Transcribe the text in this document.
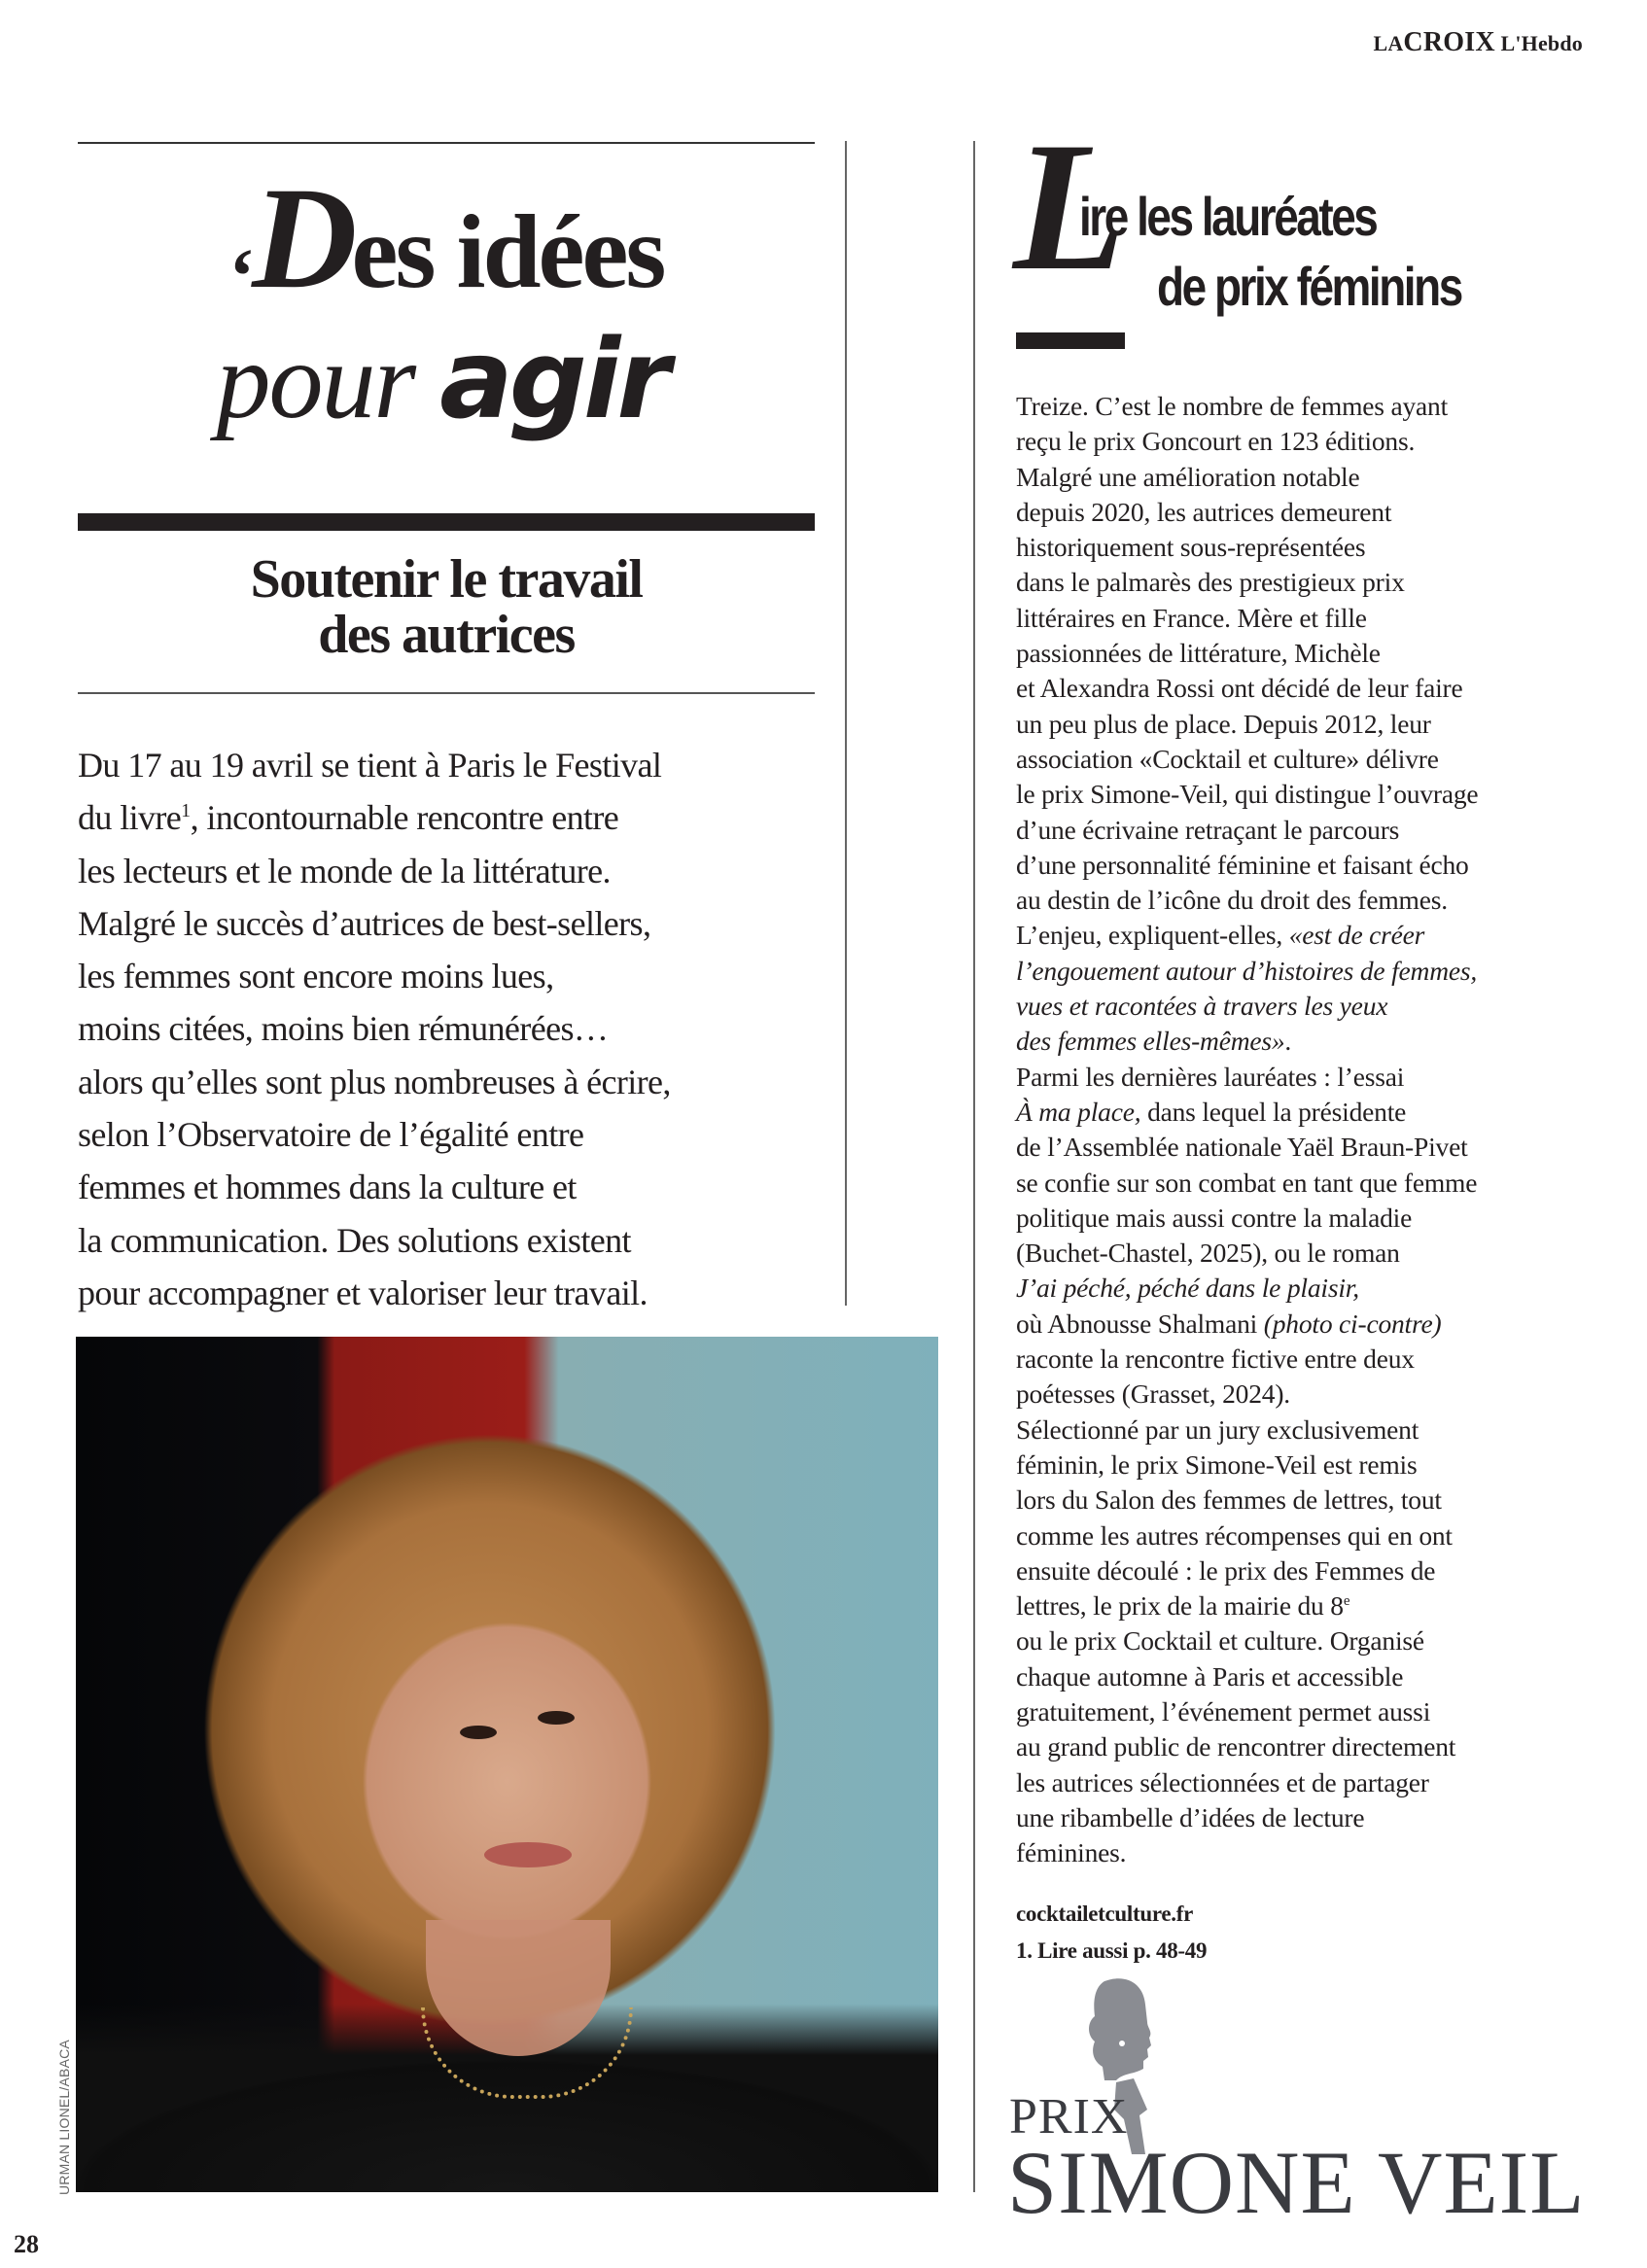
LACROIX L'Hebdo
‘Des idées
pour agir
Soutenir le travail
des autrices
Du 17 au 19 avril se tient à Paris le Festival
du livre$^1$, incontournable rencontre entre
les lecteurs et le monde de la littérature.
Malgré le succès d’autrices de best-sellers,
les femmes sont encore moins lues,
moins citées, moins bien rémunérées…
alors qu’elles sont plus nombreuses à écrire,
selon l’Observatoire de l’égalité entre
femmes et hommes dans la culture et
la communication. Des solutions existent
pour accompagner et valoriser leur travail.
URMAN LIONEL/ABACA
28
L
ire les lauréates
de prix féminins
Treize. C’est le nombre de femmes ayant
reçu le prix Goncourt en 123 éditions.
Malgré une amélioration notable
depuis 2020, les autrices demeurent
historiquement sous-représentées
dans le palmarès des prestigieux prix
littéraires en France. Mère et fille
passionnées de littérature, Michèle
et Alexandra Rossi ont décidé de leur faire
un peu plus de place. Depuis 2012, leur
association «Cocktail et culture» délivre
le prix Simone-Veil, qui distingue l’ouvrage
d’une écrivaine retraçant le parcours
d’une personnalité féminine et faisant écho
au destin de l’icône du droit des femmes.
L’enjeu, expliquent-elles, «est de créer
l’engouement autour d’histoires de femmes,
vues et racontées à travers les yeux
des femmes elles-mêmes».
Parmi les dernières lauréates : l’essai
À ma place, dans lequel la présidente
de l’Assemblée nationale Yaël Braun-Pivet
se confie sur son combat en tant que femme
politique mais aussi contre la maladie
(Buchet-Chastel, 2025), ou le roman
J’ai péché, péché dans le plaisir,
où Abnousse Shalmani (photo ci-contre)
raconte la rencontre fictive entre deux
poétesses (Grasset, 2024).
Sélectionné par un jury exclusivement
féminin, le prix Simone-Veil est remis
lors du Salon des femmes de lettres, tout
comme les autres récompenses qui en ont
ensuite découlé : le prix des Femmes de
lettres, le prix de la mairie du 8e
ou le prix Cocktail et culture. Organisé
chaque automne à Paris et accessible
gratuitement, l’événement permet aussi
au grand public de rencontrer directement
les autrices sélectionnées et de partager
une ribambelle d’idées de lecture
féminines.
cocktailetculture.fr
1. Lire aussi p. 48-49
PRIX
SIMONE VEIL
